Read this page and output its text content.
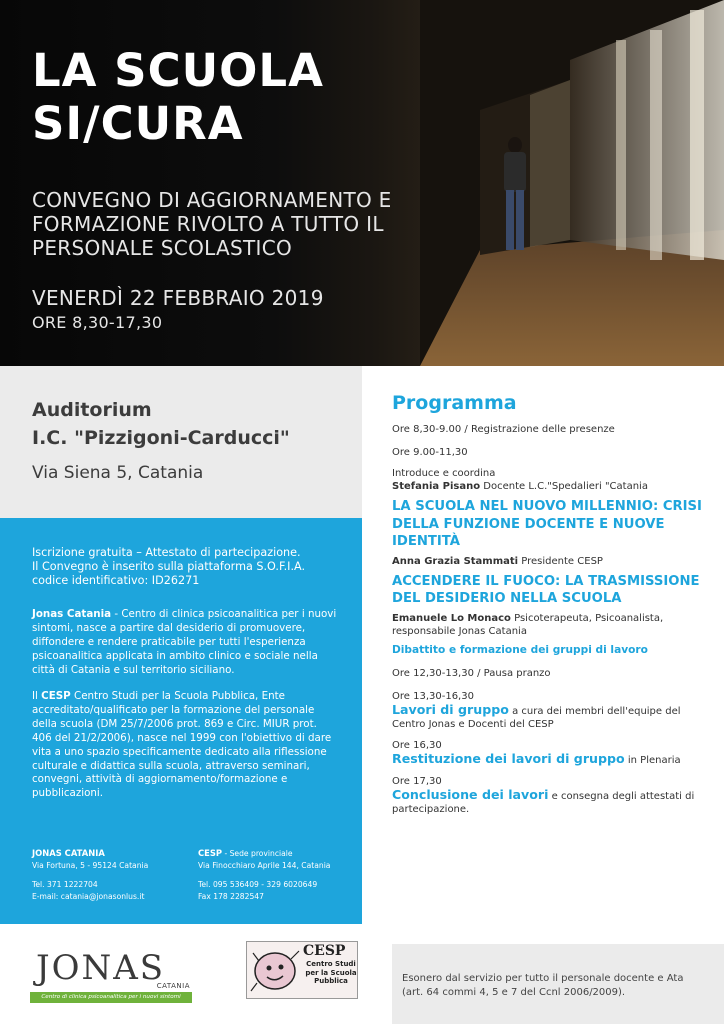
LA SCUOLA
SI/CURA
CONVEGNO DI AGGIORNAMENTO E FORMAZIONE RIVOLTO A TUTTO IL PERSONALE SCOLASTICO
VENERDÌ 22 FEBBRAIO 2019
ORE 8,30-17,30
Auditorium
I.C. "Pizzigoni-Carducci"
Via Siena 5, Catania

Iscrizione gratuita – Attestato di partecipazione.
Il Convegno è inserito sulla piattaforma S.O.F.I.A.
codice identificativo: ID26271

Jonas Catania - Centro di clinica psicoanalitica per i nuovi sintomi, nasce a partire dal desiderio di promuovere, diffondere e rendere praticabile per tutti l'esperienza psicoanalitica applicata in ambito clinico e sociale nella città di Catania e sul territorio siciliano.

Il CESP Centro Studi per la Scuola Pubblica, Ente accreditato/qualificato per la formazione del personale della scuola (DM 25/7/2006 prot. 869 e Circ. MIUR prot. 406 del 21/2/2006), nasce nel 1999 con l'obiettivo di dare vita a uno spazio specificamente dedicato alla riflessione culturale e didattica sulla scuola, attraverso seminari, convegni, attività di aggiornamento/formazione e pubblicazioni.

JONAS CATANIA
Via Fortuna, 5 - 95124 Catania
Tel. 371 1222704
E-mail: catania@jonasonlus.it
CESP - Sede provinciale
Via Finocchiaro Aprile 144, Catania
Tel. 095 536409 - 329 6020649
Fax 178 2282547
Programma
Ore 8,30-9.00 / Registrazione delle presenze
Ore 9.00-11,30
Introduce e coordina
Stefania Pisano Docente L.C."Spedalieri "Catania
LA SCUOLA NEL NUOVO MILLENNIO: CRISI DELLA FUNZIONE DOCENTE E NUOVE IDENTITÀ
Anna Grazia Stammati Presidente CESP
ACCENDERE IL FUOCO: LA TRASMISSIONE DEL DESIDERIO NELLA SCUOLA
Emanuele Lo Monaco Psicoterapeuta, Psicoanalista, responsabile Jonas Catania
Dibattito e formazione dei gruppi di lavoro
Ore 12,30-13,30 / Pausa pranzo
Ore 13,30-16,30
Lavori di gruppo a cura dei membri dell'equipe del Centro Jonas e Docenti del CESP
Ore 16,30
Restituzione dei lavori di gruppo in Plenaria
Ore 17,30
Conclusione dei lavori e consegna degli attestati di partecipazione.
JONAS
CATANIA
Centro di clinica psicoanalitica per i nuovi sintomi
CESP
Centro Studi per la Scuola Pubblica	Esonero dal servizio per tutto il personale docente e Ata (art. 64 commi 4, 5 e 7 del Ccnl 2006/2009).
